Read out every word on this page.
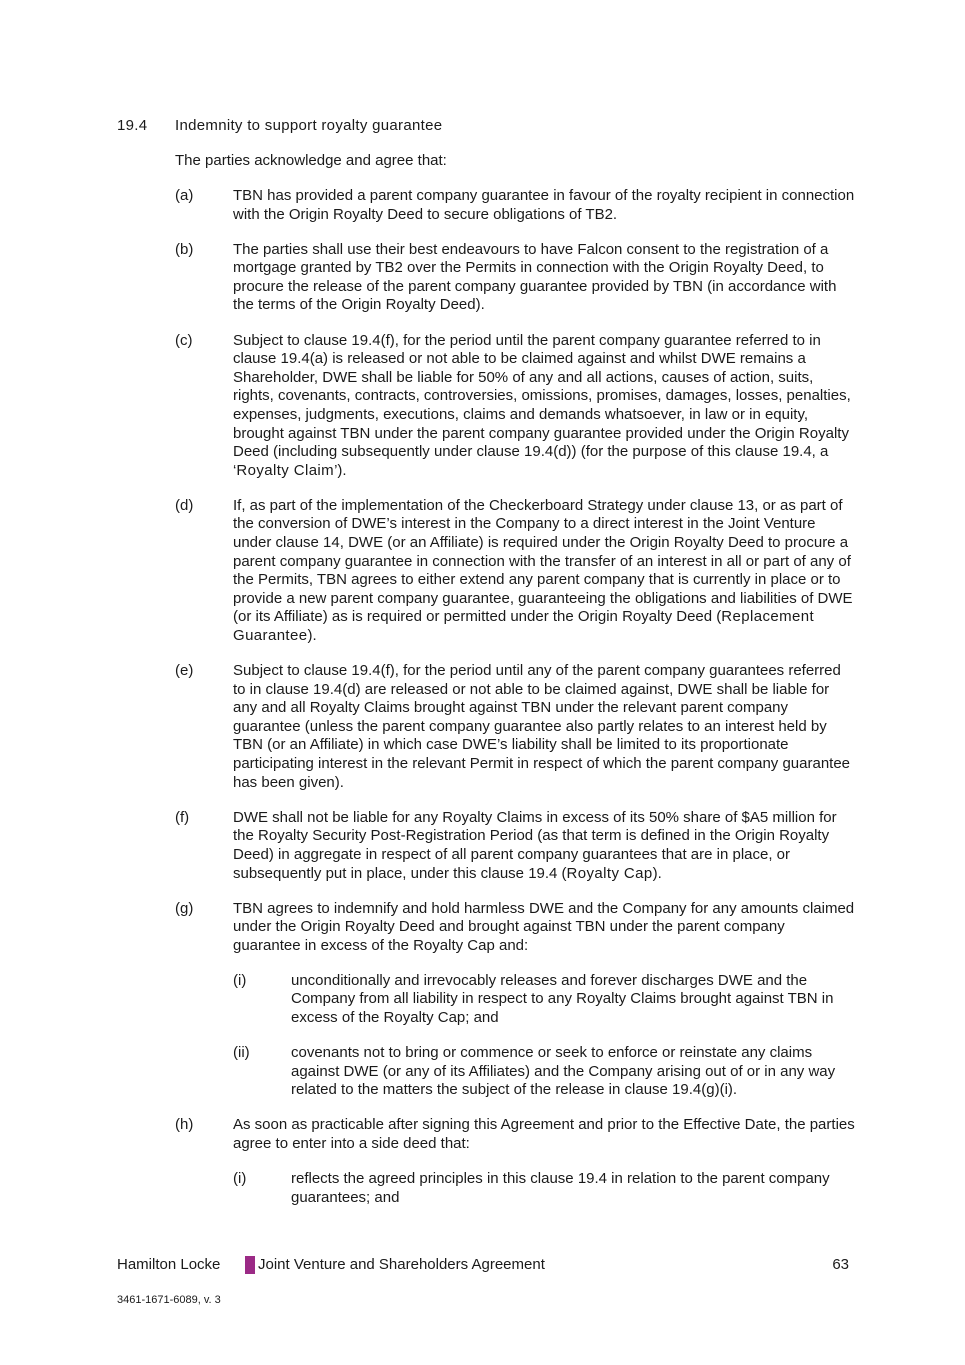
19.4 Indemnity to support royalty guarantee
The parties acknowledge and agree that:
(a)	TBN has provided a parent company guarantee in favour of the royalty recipient in connection with the Origin Royalty Deed to secure obligations of TB2.
(b)	The parties shall use their best endeavours to have Falcon consent to the registration of a mortgage granted by TB2 over the Permits in connection with the Origin Royalty Deed, to procure the release of the parent company guarantee provided by TBN (in accordance with the terms of the Origin Royalty Deed).
(c)	Subject to clause 19.4(f), for the period until the parent company guarantee referred to in clause 19.4(a) is released or not able to be claimed against and whilst DWE remains a Shareholder, DWE shall be liable for 50% of any and all actions, causes of action, suits, rights, covenants, contracts, controversies, omissions, promises, damages, losses, penalties, expenses, judgments, executions, claims and demands whatsoever, in law or in equity, brought against TBN under the parent company guarantee provided under the Origin Royalty Deed (including subsequently under clause 19.4(d)) (for the purpose of this clause 19.4, a ‘Royalty Claim’).
(d)	If, as part of the implementation of the Checkerboard Strategy under clause 13, or as part of the conversion of DWE’s interest in the Company to a direct interest in the Joint Venture under clause 14, DWE (or an Affiliate) is required under the Origin Royalty Deed to procure a parent company guarantee in connection with the transfer of an interest in all or part of any of the Permits, TBN agrees to either extend any parent company that is currently in place or to provide a new parent company guarantee, guaranteeing the obligations and liabilities of DWE (or its Affiliate) as is required or permitted under the Origin Royalty Deed (Replacement Guarantee).
(e)	Subject to clause 19.4(f), for the period until any of the parent company guarantees referred to in clause 19.4(d) are released or not able to be claimed against, DWE shall be liable for any and all Royalty Claims brought against TBN under the relevant parent company guarantee (unless the parent company guarantee also partly relates to an interest held by TBN (or an Affiliate) in which case DWE’s liability shall be limited to its proportionate participating interest in the relevant Permit in respect of which the parent company guarantee has been given).
(f)	DWE shall not be liable for any Royalty Claims in excess of its 50% share of $A5 million for the Royalty Security Post-Registration Period (as that term is defined in the Origin Royalty Deed) in aggregate in respect of all parent company guarantees that are in place, or subsequently put in place, under this clause 19.4 (Royalty Cap).
(g)	TBN agrees to indemnify and hold harmless DWE and the Company for any amounts claimed under the Origin Royalty Deed and brought against TBN under the parent company guarantee in excess of the Royalty Cap and:
(i)	unconditionally and irrevocably releases and forever discharges DWE and the Company from all liability in respect to any Royalty Claims brought against TBN in excess of the Royalty Cap; and
(ii)	covenants not to bring or commence or seek to enforce or reinstate any claims against DWE (or any of its Affiliates) and the Company arising out of or in any way related to the matters the subject of the release in clause 19.4(g)(i).
(h)	As soon as practicable after signing this Agreement and prior to the Effective Date, the parties agree to enter into a side deed that:
(i)	reflects the agreed principles in this clause 19.4 in relation to the parent company guarantees; and
Hamilton Locke	Joint Venture and Shareholders Agreement	63
3461-1671-6089, v. 3
